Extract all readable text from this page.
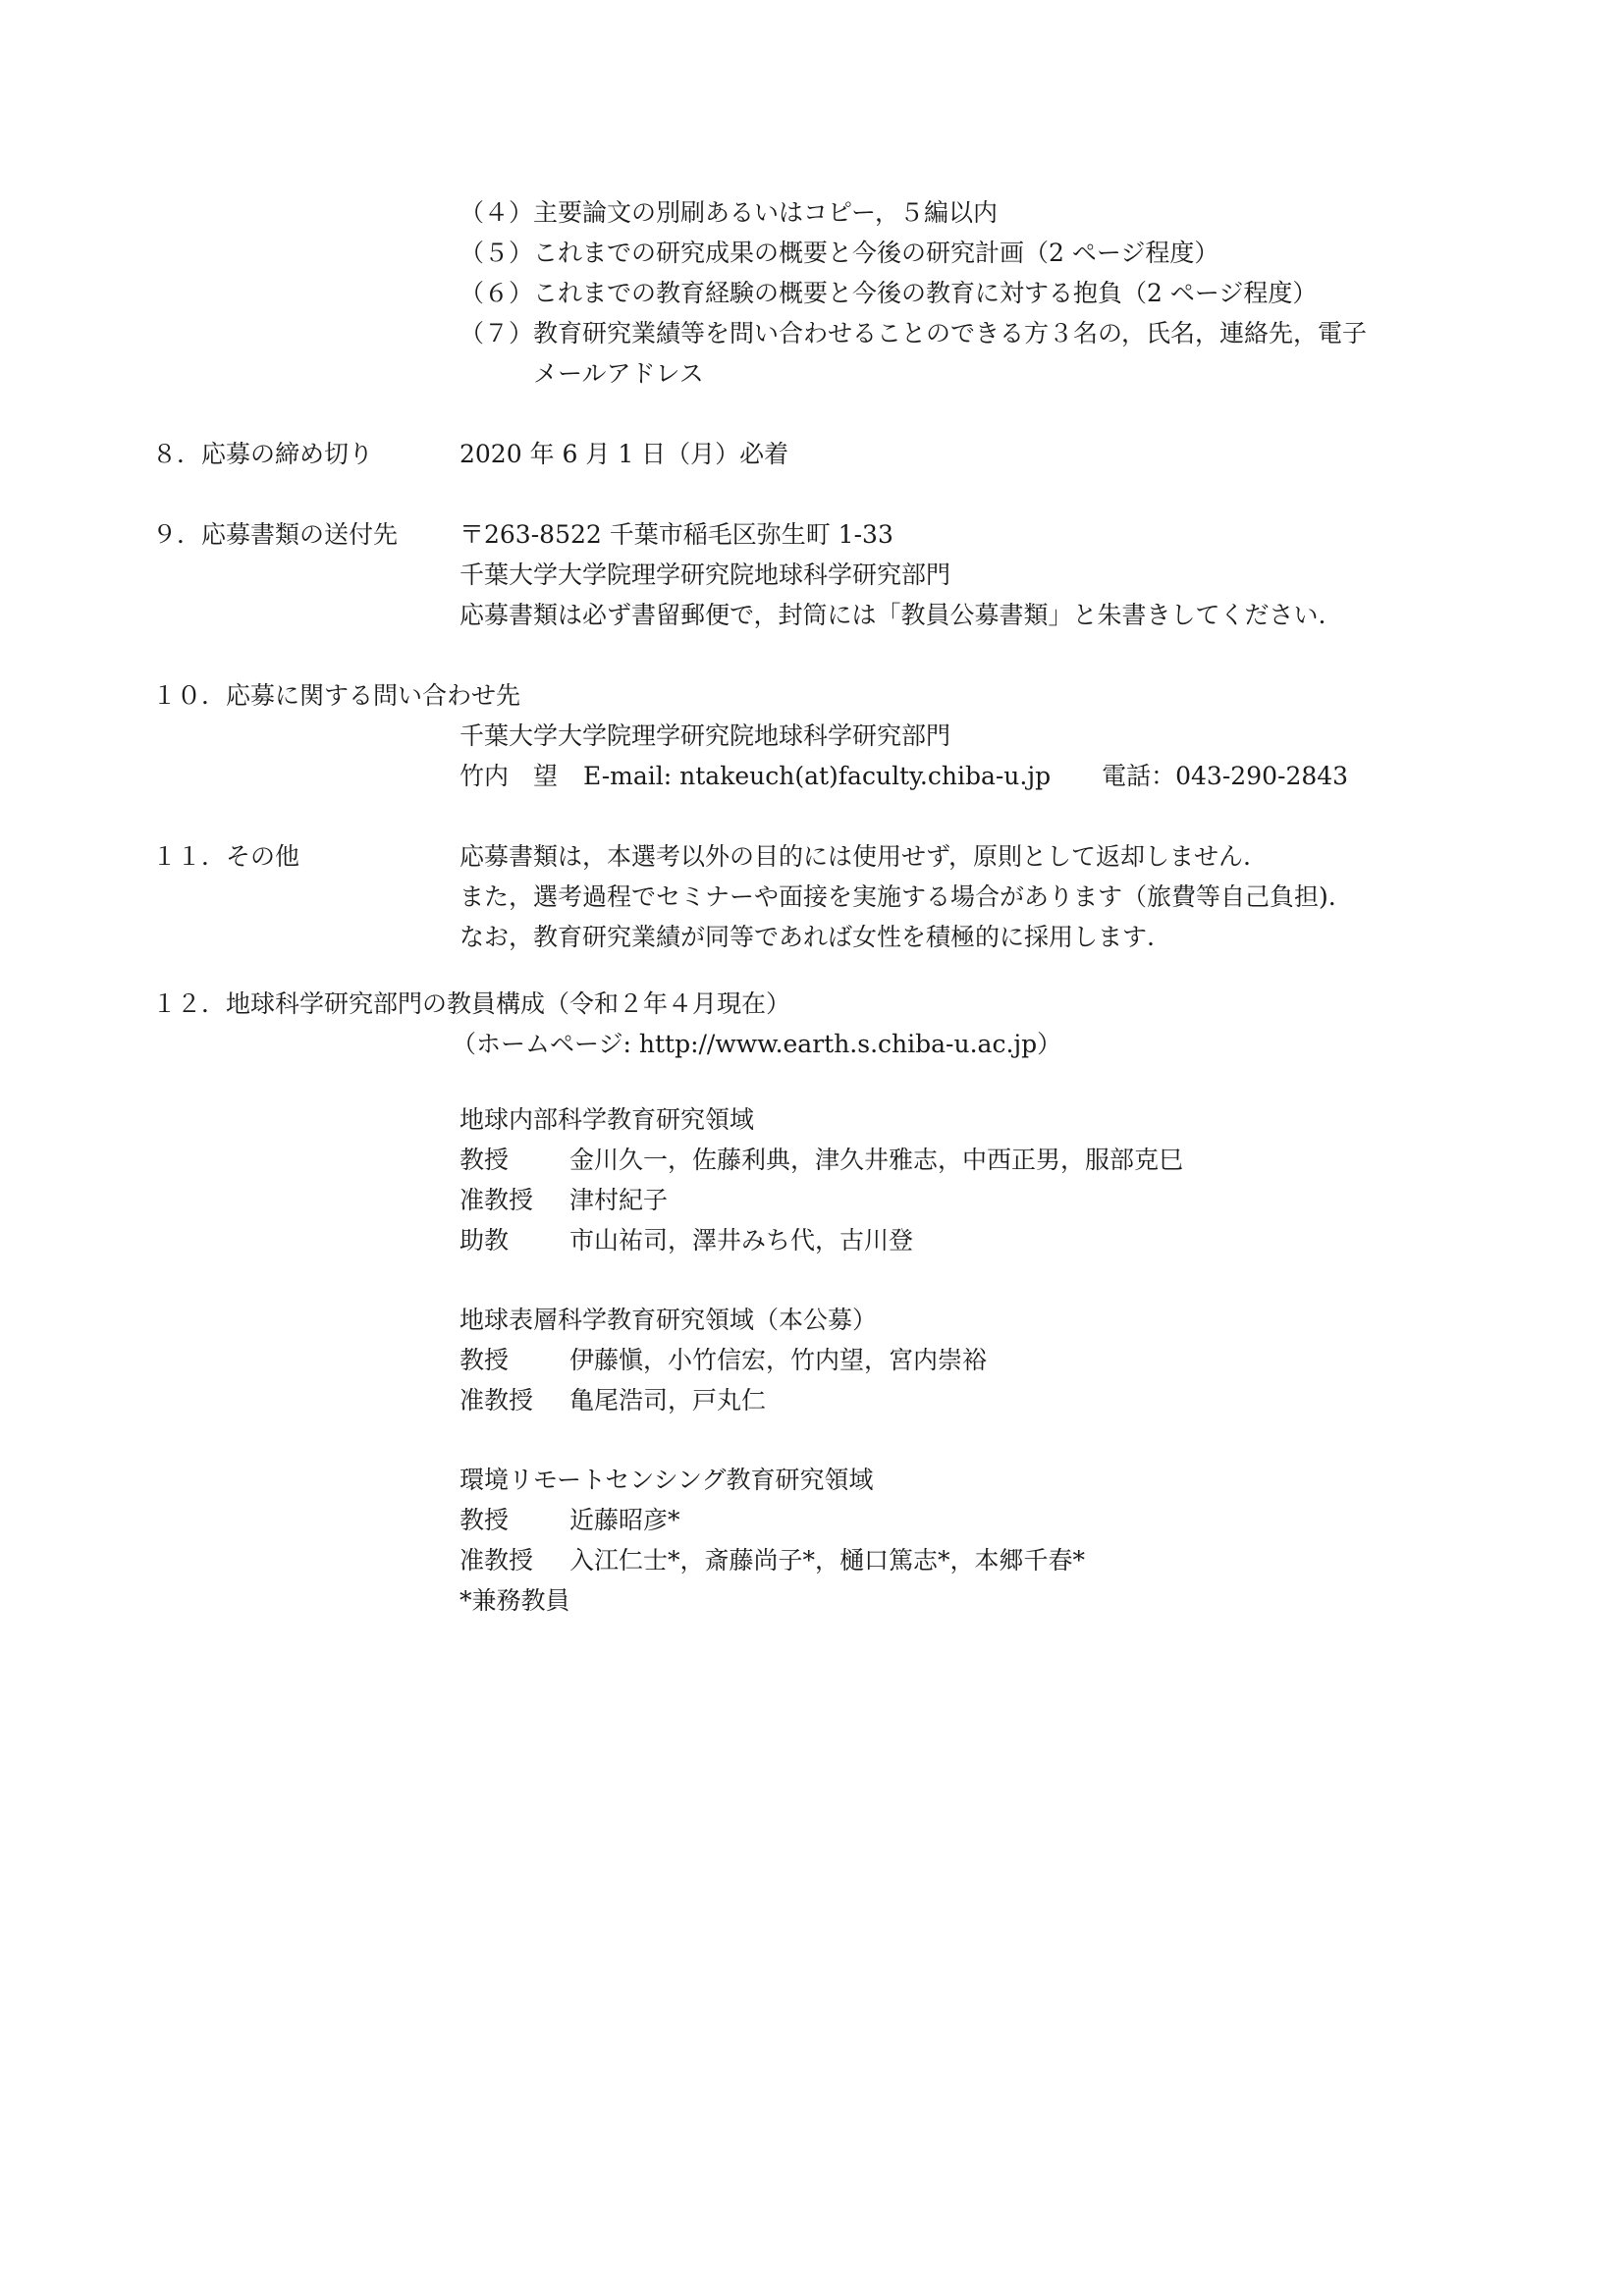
（４）主要論文の別刷あるいはコピー，５編以内
（５）これまでの研究成果の概要と今後の研究計画（2 ページ程度）
（６）これまでの教育経験の概要と今後の教育に対する抱負（2 ページ程度）
（７）教育研究業績等を問い合わせることのできる方３名の，氏名，連絡先，電子
メールアドレス
８．応募の締め切り	2020 年 6 月 1 日（月）必着
９．応募書類の送付先	〒263-8522 千葉市稲毛区弥生町 1-33
千葉大学大学院理学研究院地球科学研究部門
応募書類は必ず書留郵便で，封筒には「教員公募書類」と朱書きしてください.
１０．応募に関する問い合わせ先
千葉大学大学院理学研究院地球科学研究部門
竹内　望 E-mail: ntakeuch(at)faculty.chiba-u.jp 電話：043-290-2843
１１．その他	応募書類は，本選考以外の目的には使用せず，原則として返却しません.
また，選考過程でセミナーや面接を実施する場合があります（旅費等自己負担).
なお，教育研究業績が同等であれば女性を積極的に採用します.
１２．地球科学研究部門の教員構成（令和２年４月現在）
（ホームページ: http://www.earth.s.chiba-u.ac.jp）
地球内部科学教育研究領域
教授 金川久一，佐藤利典，津久井雅志，中西正男，服部克巳
准教授 津村紀子
助教 市山祐司，澤井みち代，古川登
地球表層科学教育研究領域（本公募）
教授 伊藤愼，小竹信宏，竹内望，宮内崇裕
准教授 亀尾浩司，戸丸仁
環境リモートセンシング教育研究領域
教授 近藤昭彦*
准教授 入江仁士*，斎藤尚子*，樋口篤志*，本郷千春*
*兼務教員
